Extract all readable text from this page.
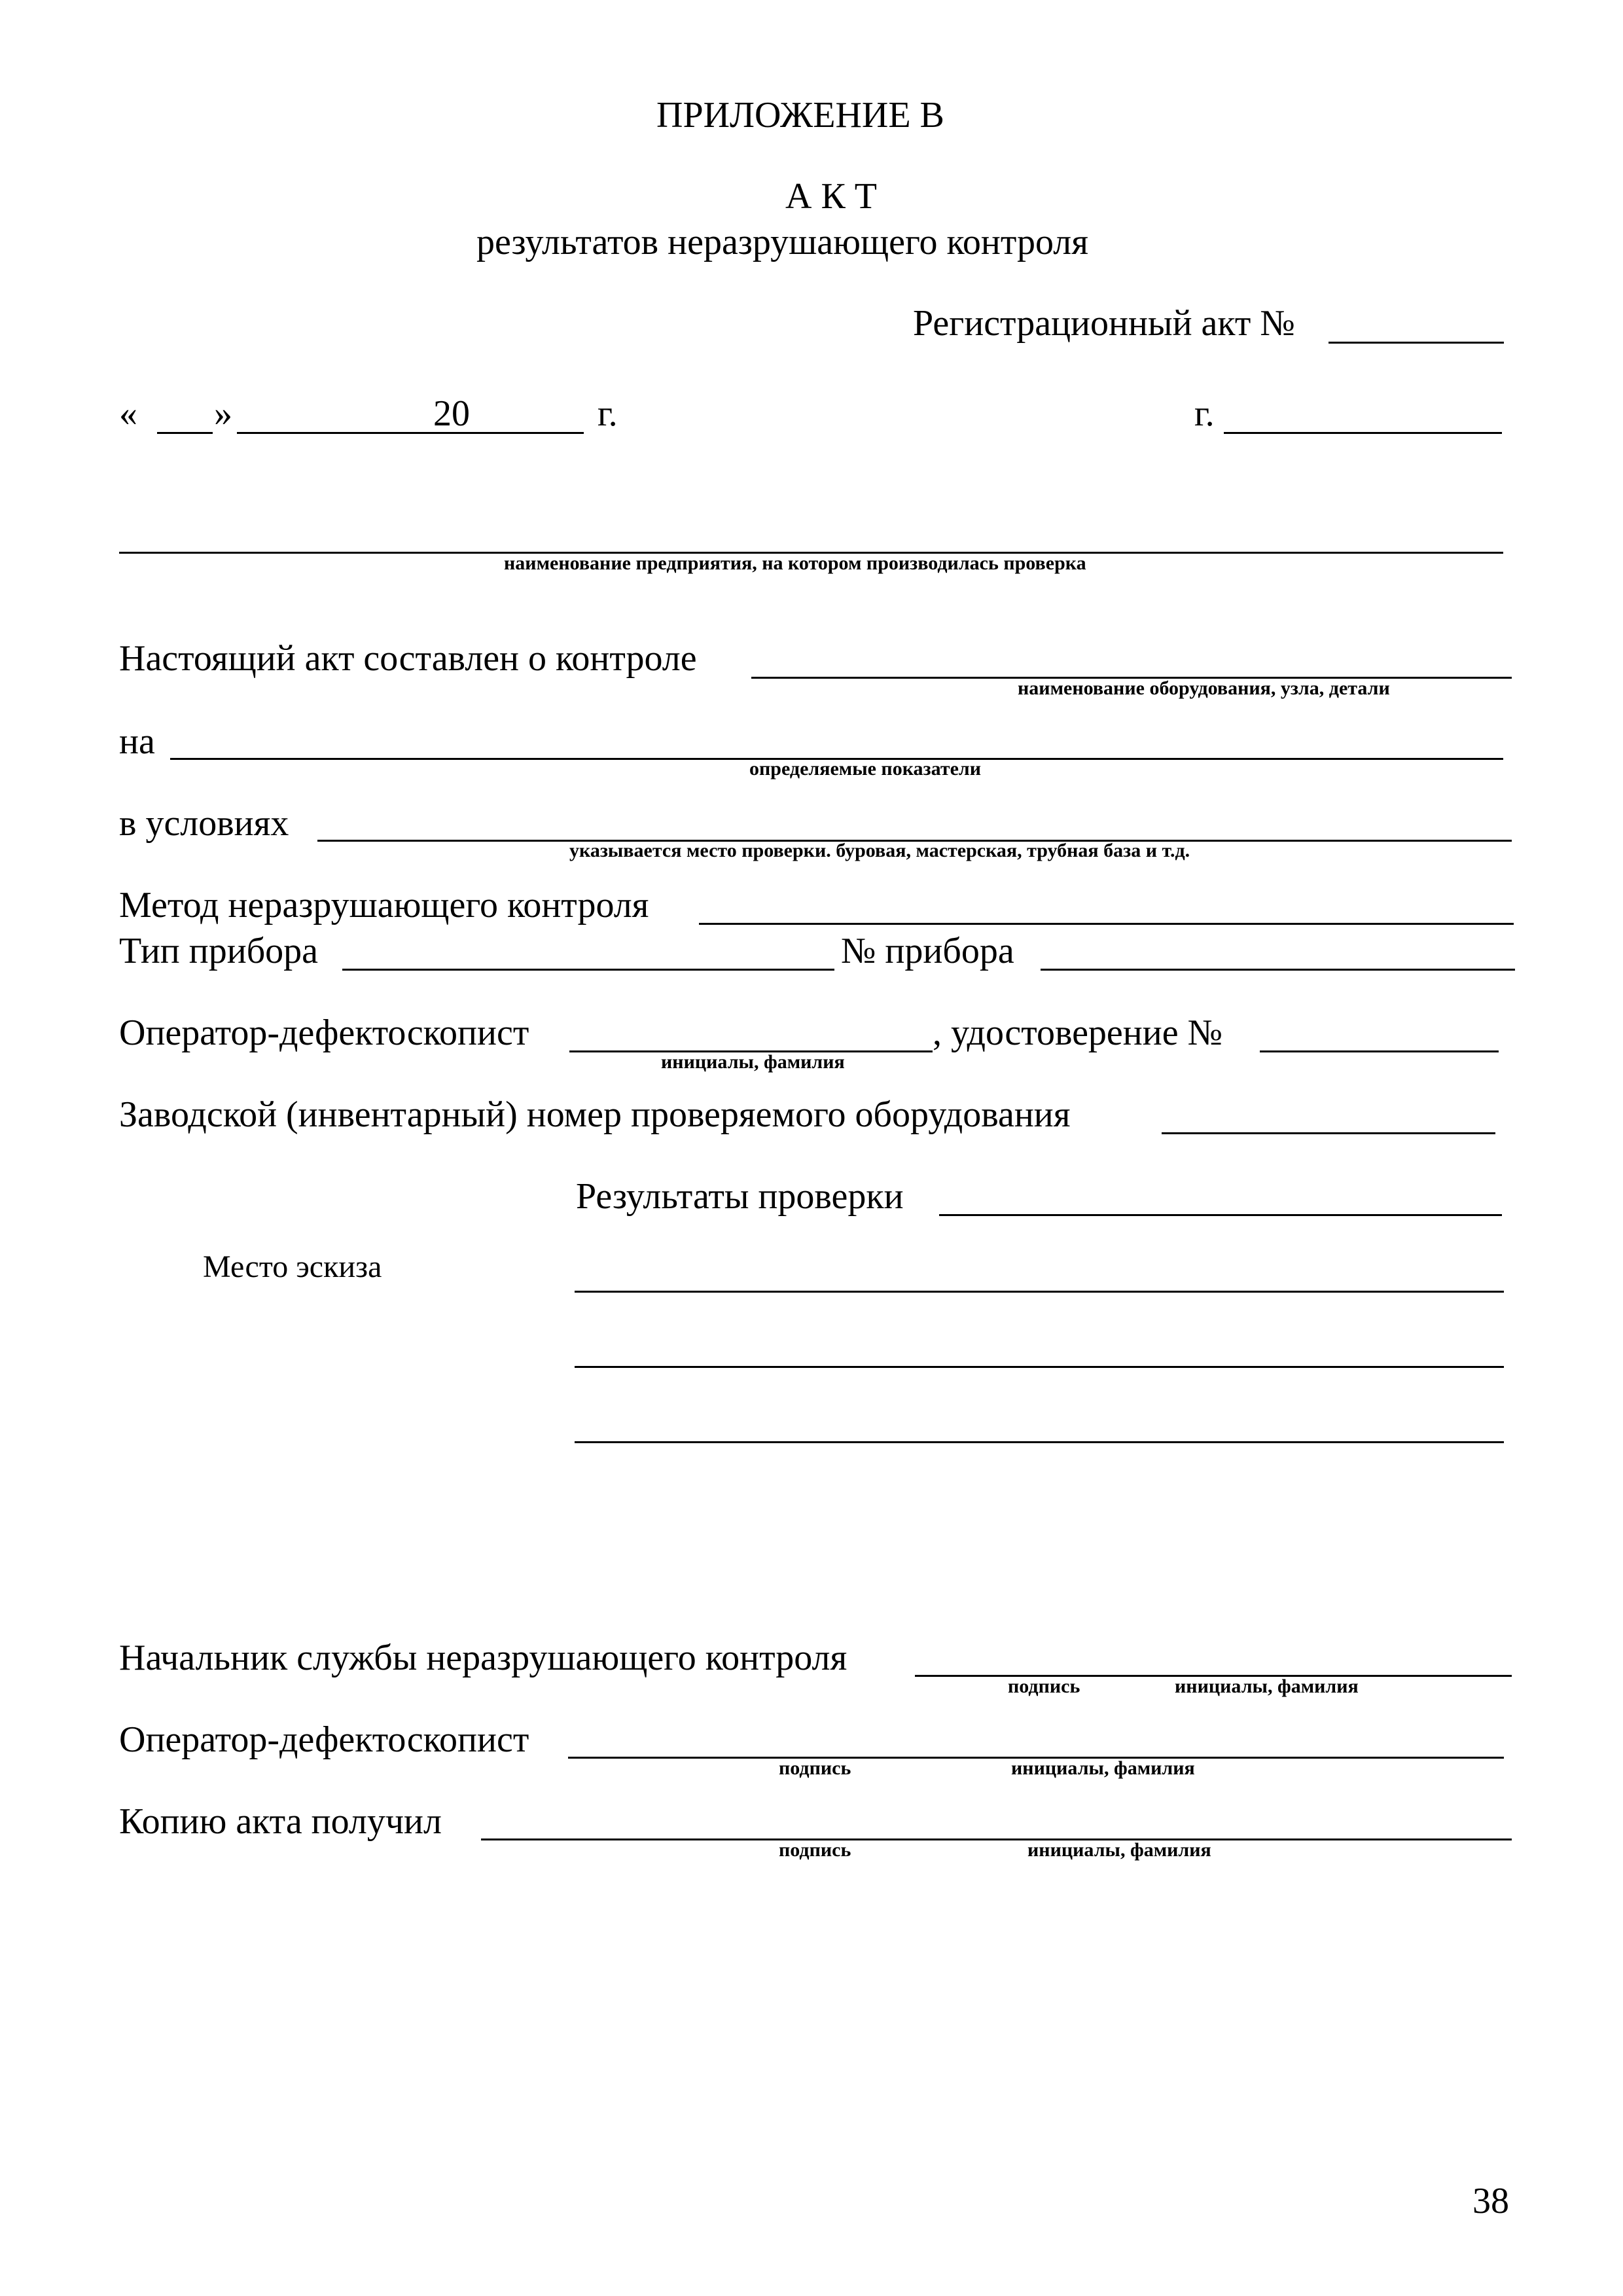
ПРИЛОЖЕНИЕ В
А К Т
результатов неразрушающего контроля
Регистрационный акт №
« »	20	г.	г.
наименование предприятия, на котором производилась проверка
Настоящий акт составлен о контроле
наименование оборудования, узла, детали
на
определяемые показатели
в условиях
указывается место проверки. буровая, мастерская, трубная база и т.д.
Метод неразрушающего контроля
Тип прибора	№ прибора
Оператор-дефектоскопист
инициалы, фамилия
, удостоверение №
Заводской (инвентарный) номер проверяемого оборудования
Результаты проверки
Место эскиза
Начальник службы неразрушающего контроля
подпись	инициалы, фамилия
Оператор-дефектоскопист
подпись	инициалы, фамилия
Копию акта получил
подпись	инициалы, фамилия
38
